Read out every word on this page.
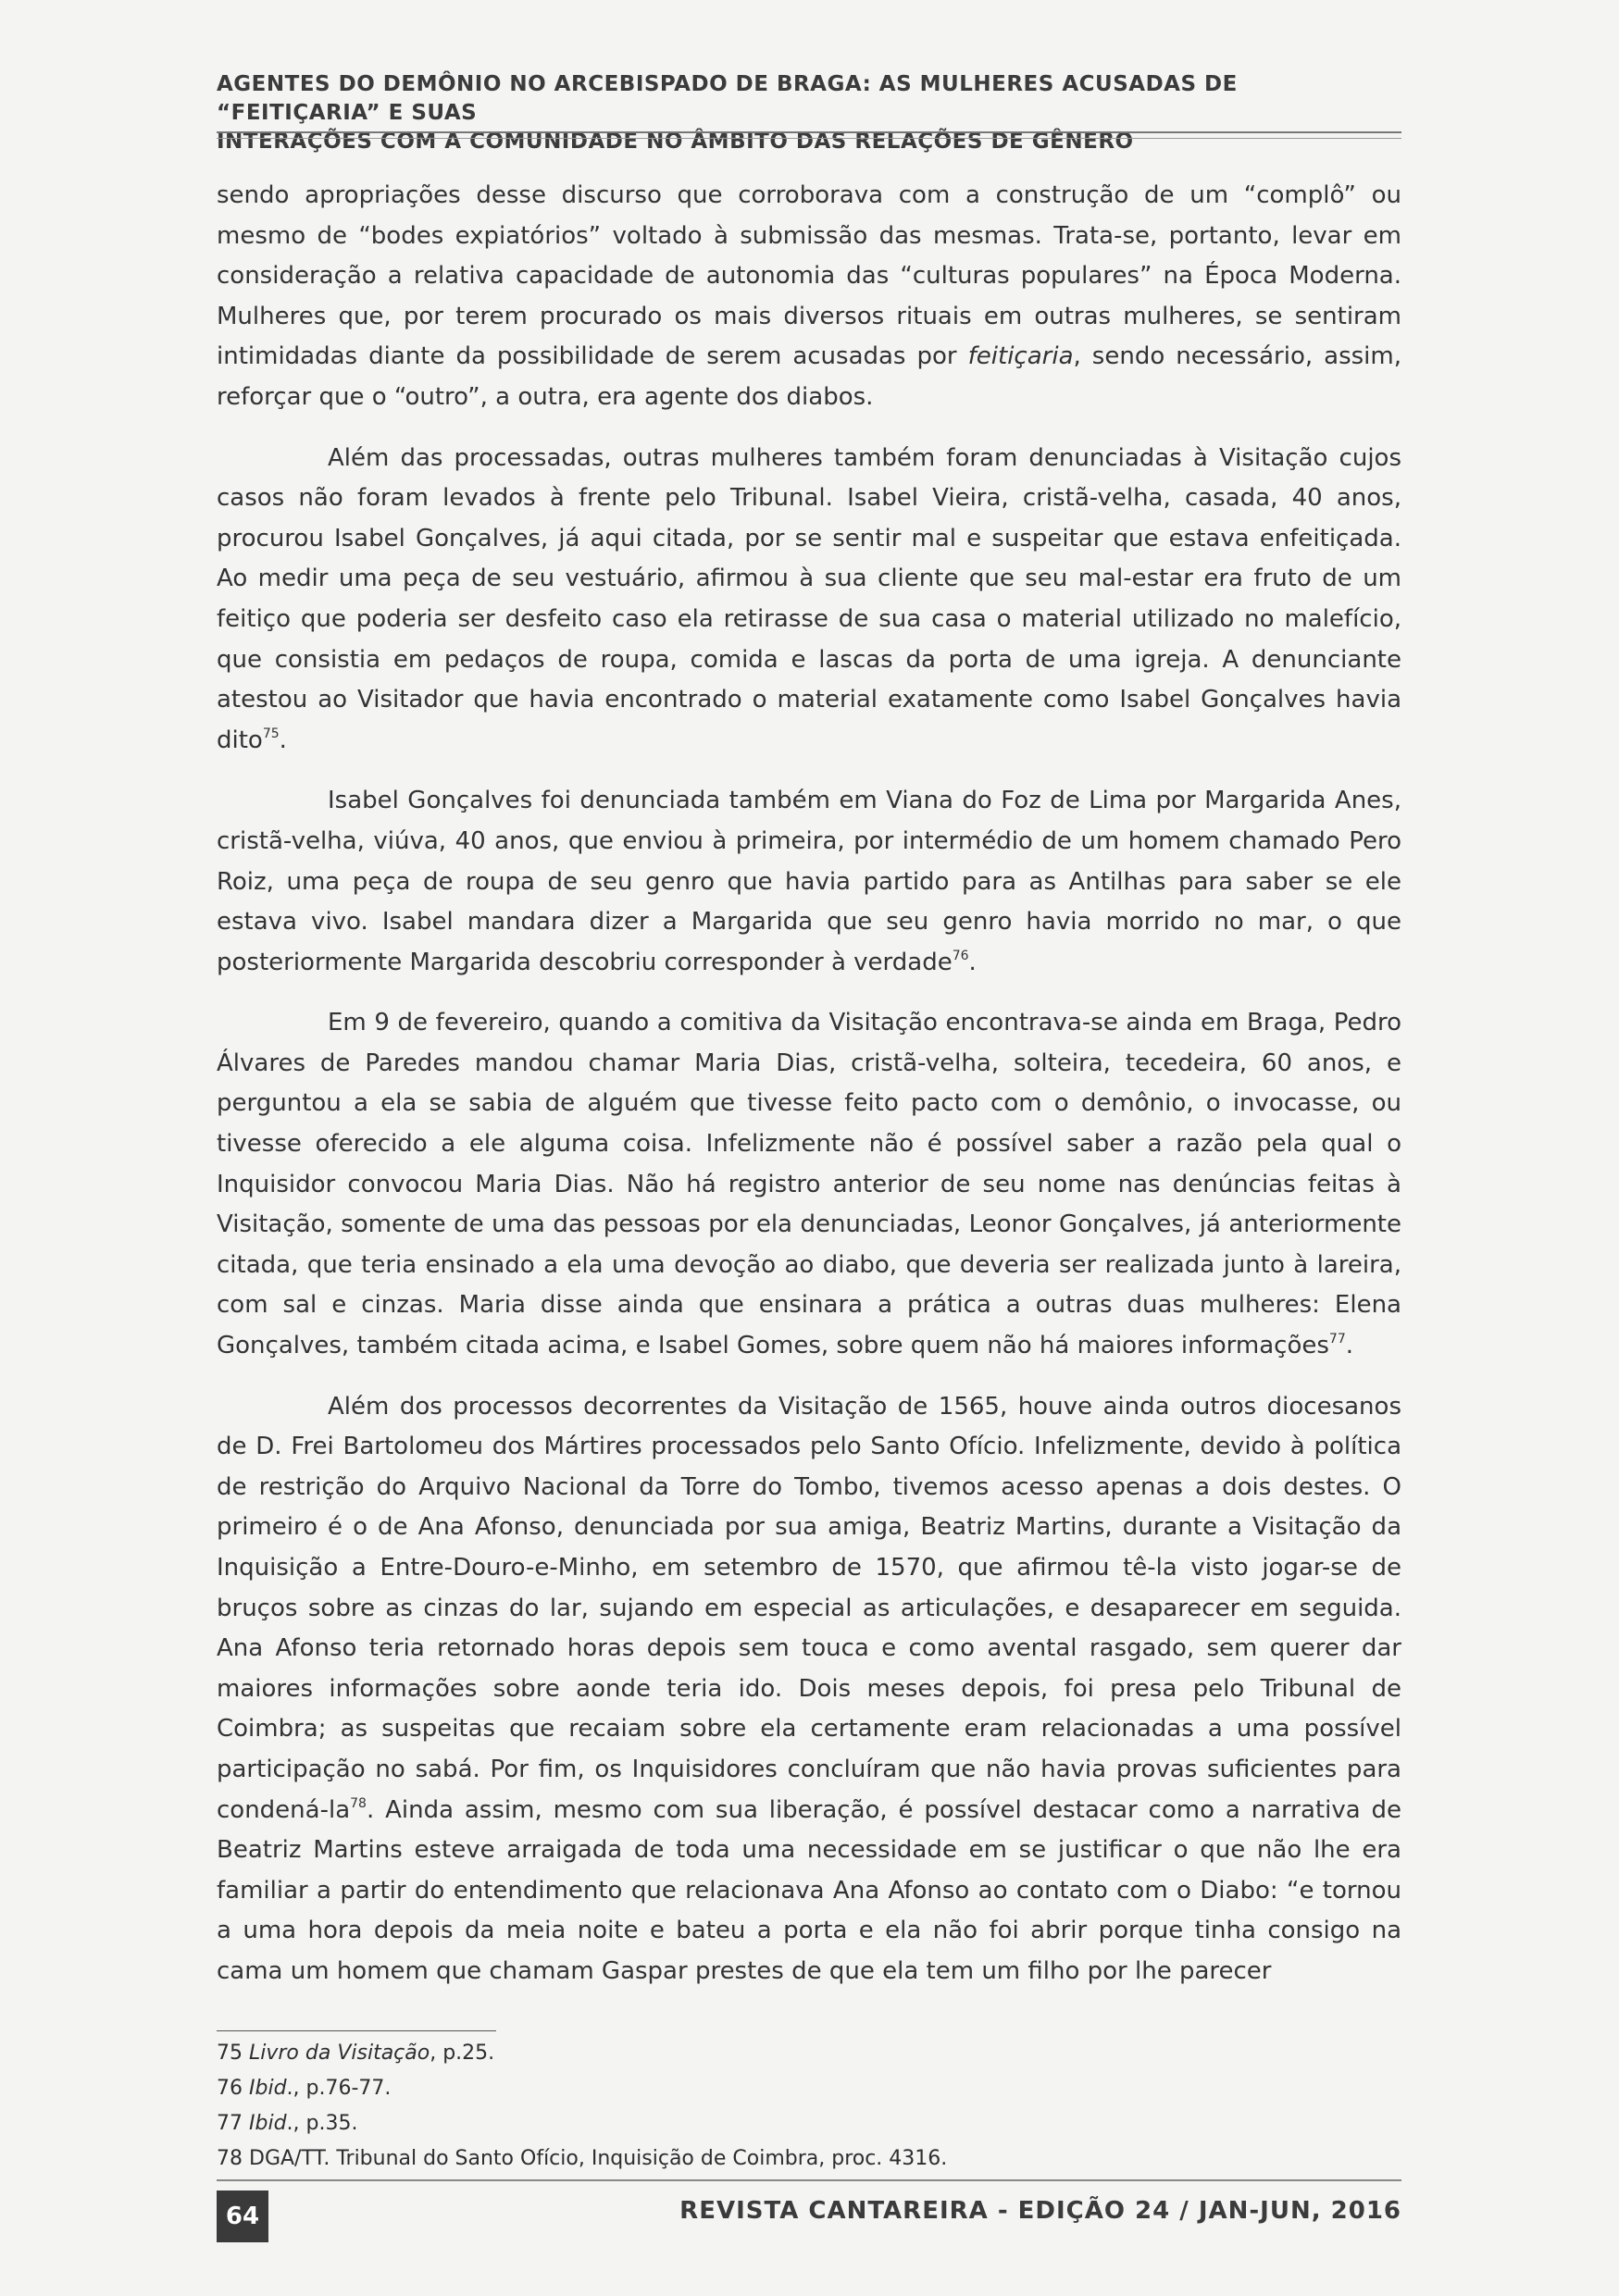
AGENTES DO DEMÔNIO NO ARCEBISPADO DE BRAGA: AS MULHERES ACUSADAS DE “FEITIÇARIA” E SUAS
INTERAÇÕES COM A COMUNIDADE NO ÂMBITO DAS RELAÇÕES DE GÊNERO

sendo apropriações desse discurso que corroborava com a construção de um “complô” ou mesmo de “bodes expiatórios” voltado à submissão das mesmas. Trata-se, portanto, levar em consideração a relativa capacidade de autonomia das “culturas populares” na Época Moderna. Mulheres que, por terem procurado os mais diversos rituais em outras mulheres, se sentiram intimidadas diante da possibilidade de serem acusadas por feitiçaria, sendo necessário, assim, reforçar que o “outro”, a outra, era agente dos diabos.

Além das processadas, outras mulheres também foram denunciadas à Visitação cujos casos não foram levados à frente pelo Tribunal. Isabel Vieira, cristã-velha, casada, 40 anos, procurou Isabel Gonçalves, já aqui citada, por se sentir mal e suspeitar que estava enfeitiçada. Ao medir uma peça de seu vestuário, afirmou à sua cliente que seu mal-estar era fruto de um feitiço que poderia ser desfeito caso ela retirasse de sua casa o material utilizado no malefício, que consistia em pedaços de roupa, comida e lascas da porta de uma igreja. A denunciante atestou ao Visitador que havia encontrado o material exatamente como Isabel Gonçalves havia dito$^{75}$.

Isabel Gonçalves foi denunciada também em Viana do Foz de Lima por Margarida Anes, cristã-velha, viúva, 40 anos, que enviou à primeira, por intermédio de um homem chamado Pero Roiz, uma peça de roupa de seu genro que havia partido para as Antilhas para saber se ele estava vivo. Isabel mandara dizer a Margarida que seu genro havia morrido no mar, o que posteriormente Margarida descobriu corresponder à verdade$^{76}$.

Em 9 de fevereiro, quando a comitiva da Visitação encontrava-se ainda em Braga, Pedro Álvares de Paredes mandou chamar Maria Dias, cristã-velha, solteira, tecedeira, 60 anos, e perguntou a ela se sabia de alguém que tivesse feito pacto com o demônio, o invocasse, ou tivesse oferecido a ele alguma coisa. Infelizmente não é possível saber a razão pela qual o Inquisidor convocou Maria Dias. Não há registro anterior de seu nome nas denúncias feitas à Visitação, somente de uma das pessoas por ela denunciadas, Leonor Gonçalves, já anteriormente citada, que teria ensinado a ela uma devoção ao diabo, que deveria ser realizada junto à lareira, com sal e cinzas. Maria disse ainda que ensinara a prática a outras duas mulheres: Elena Gonçalves, também citada acima, e Isabel Gomes, sobre quem não há maiores informações$^{77}$.

Além dos processos decorrentes da Visitação de 1565, houve ainda outros diocesanos de D. Frei Bartolomeu dos Mártires processados pelo Santo Ofício. Infelizmente, devido à política de restrição do Arquivo Nacional da Torre do Tombo, tivemos acesso apenas a dois destes. O primeiro é o de Ana Afonso, denunciada por sua amiga, Beatriz Martins, durante a Visitação da Inquisição a Entre-Douro-e-Minho, em setembro de 1570, que afirmou tê-la visto jogar-se de bruços sobre as cinzas do lar, sujando em especial as articulações, e desaparecer em seguida. Ana Afonso teria retornado horas depois sem touca e como avental rasgado, sem querer dar maiores informações sobre aonde teria ido. Dois meses depois, foi presa pelo Tribunal de Coimbra; as suspeitas que recaiam sobre ela certamente eram relacionadas a uma possível participação no sabá. Por fim, os Inquisidores concluíram que não havia provas suficientes para condená-$la^{78}$. Ainda assim, mesmo com sua liberação, é possível destacar como a narrativa de Beatriz Martins esteve arraigada de toda uma necessidade em se justificar o que não lhe era familiar a partir do entendimento que relacionava Ana Afonso ao contato com o Diabo: “e tornou a uma hora depois da meia noite e bateu a porta e ela não foi abrir porque tinha consigo na cama um homem que chamam Gaspar prestes de que ela tem um filho por lhe parecer

75 Livro da Visitação, p.25.
76 Ibid., p.76-77.
77 Ibid., p.35.
78 DGA/TT. Tribunal do Santo Ofício, Inquisição de Coimbra, proc. 4316.
64	REVISTA CANTAREIRA - EDIÇÃO 24 / JAN-JUN, 2016
